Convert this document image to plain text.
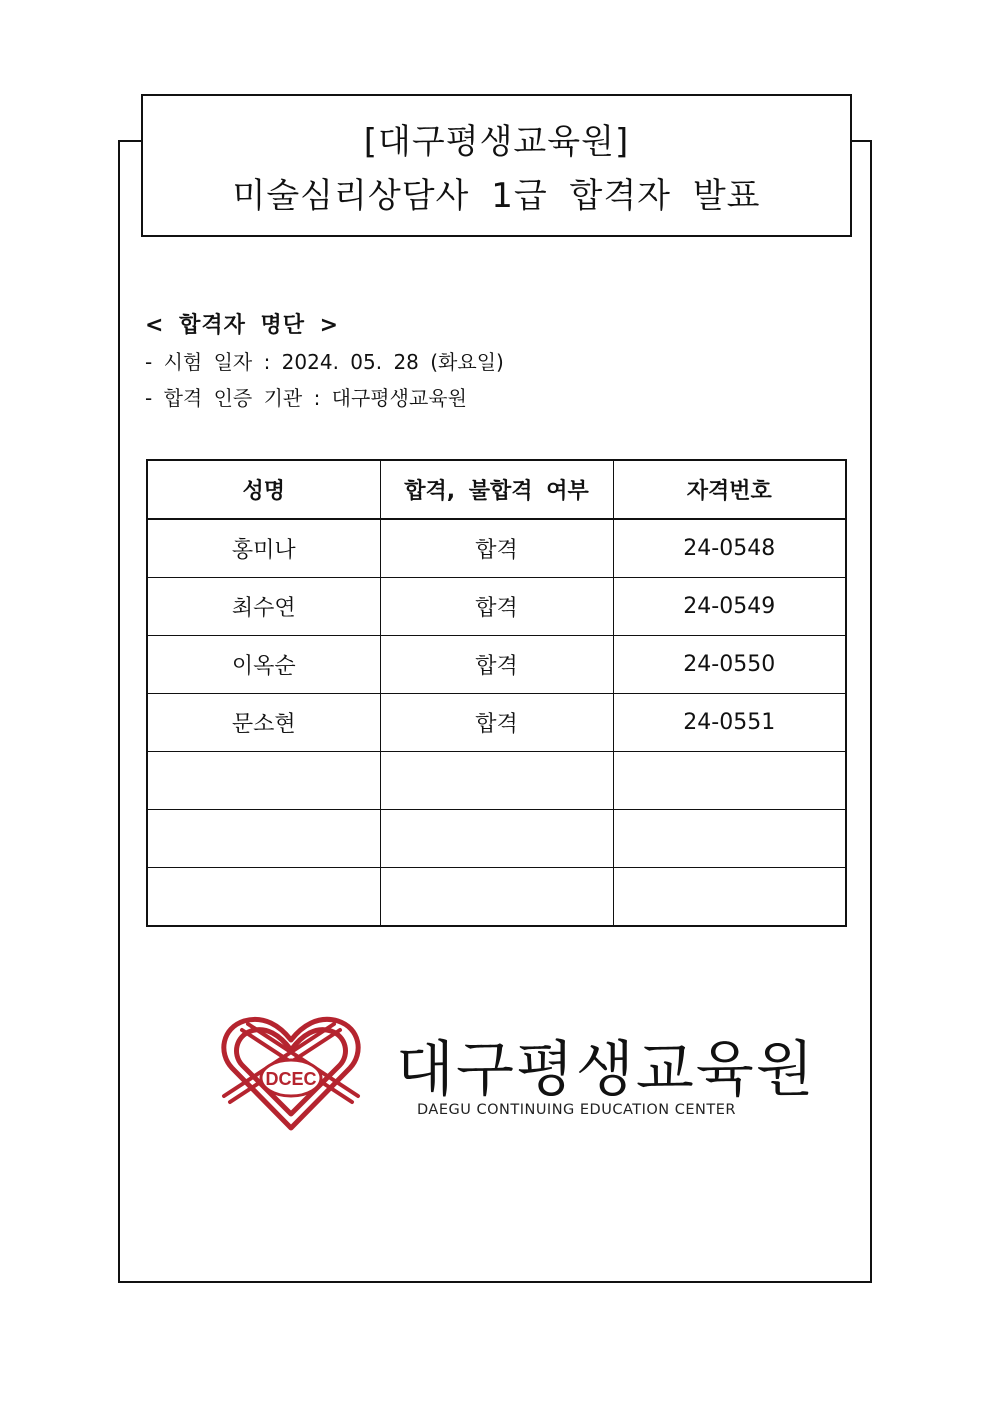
[대구평생교육원]
미술심리상담사 1급 합격자 발표
< 합격자 명단 >
- 시험 일자 : 2024. 05. 28 (화요일)
- 합격 인증 기관 : 대구평생교육원
성명	합격, 불합격 여부	자격번호
홍미나	합격	24-0548
최수연	합격	24-0549
이옥순	합격	24-0550
문소현	합격	24-0551

DCEC 대구평생교육원
DAEGU CONTINUING EDUCATION CENTER
